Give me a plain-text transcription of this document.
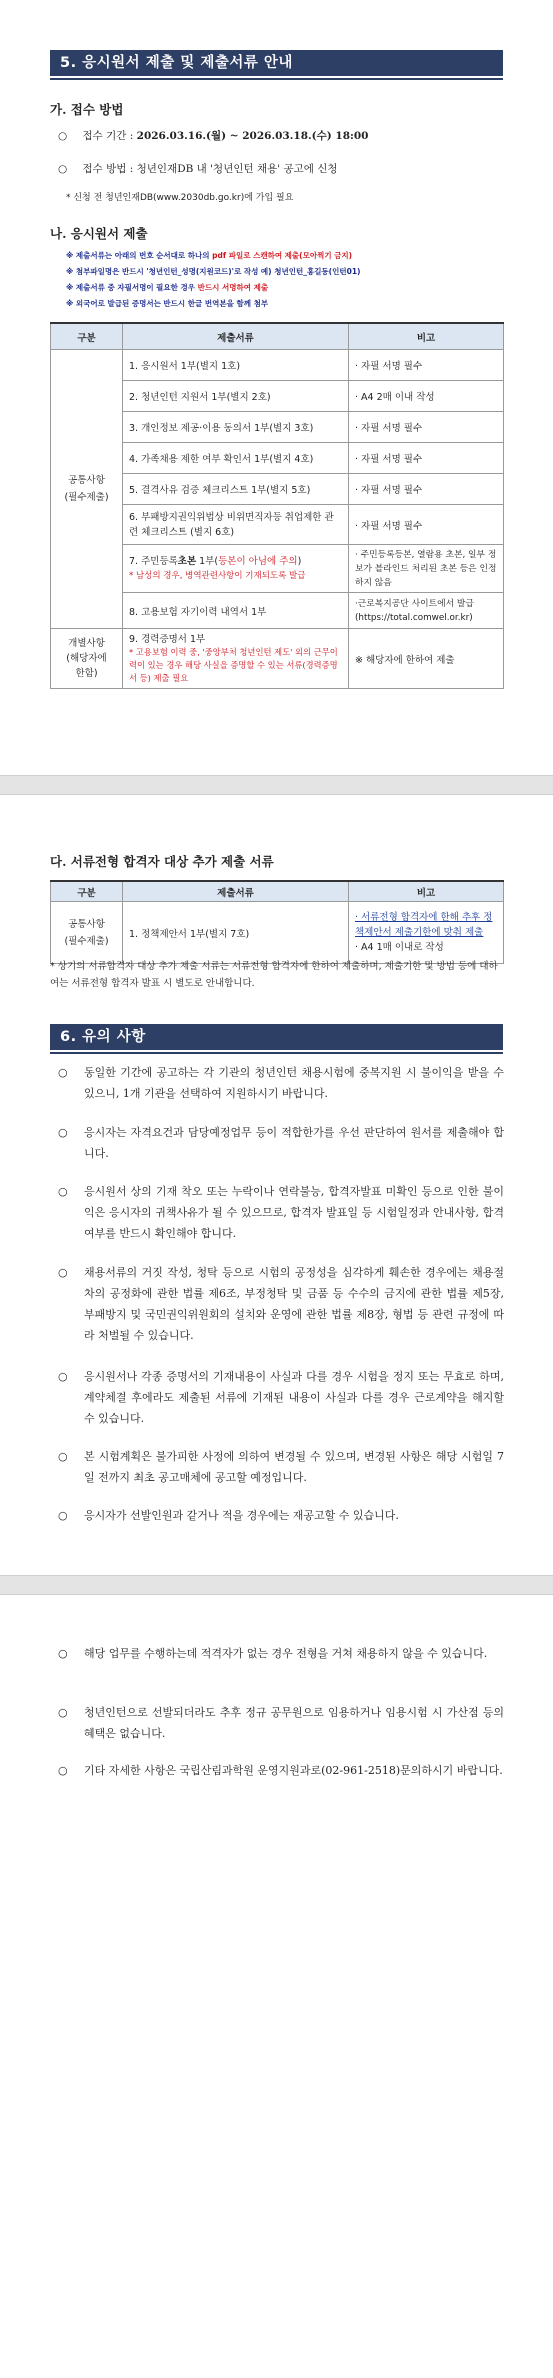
5. 응시원서 제출 및 제출서류 안내
가. 접수 방법
○ 접수 기간 : 2026.03.16.(월) ~ 2026.03.18.(수) 18:00
○ 접수 방법 : 청년인재DB 내 '청년인턴 채용' 공고에 신청
* 신청 전 청년인재DB(www.2030db.go.kr)에 가입 필요
나. 응시원서 제출
※ 제출서류는 아래의 번호 순서대로 하나의 pdf 파일로 스캔하여 제출(모아찍기 금지)
※ 첨부파일명은 반드시 '청년인턴_성명(지원코드)'로 작성 예) 청년인턴_홍길동(인턴01)
※ 제출서류 중 자필서명이 필요한 경우 반드시 서명하여 제출
※ 외국어로 발급된 증명서는 반드시 한글 번역본을 함께 첨부
구분	제출서류	비고
공통사항
(필수제출)	1. 응시원서 1부(별지 1호)	· 자필 서명 필수
	2. 청년인턴 지원서 1부(별지 2호)	· A4 2매 이내 작성
	3. 개인정보 제공·이용 동의서 1부(별지 3호)	· 자필 서명 필수
	4. 가족채용 제한 여부 확인서 1부(별지 4호)	· 자필 서명 필수
	5. 결격사유 검증 체크리스트 1부(별지 5호)	· 자필 서명 필수
	6. 부패방지권익위법상 비위면직자등 취업제한 관련 체크리스트 (별지 6호)	· 자필 서명 필수
	7. 주민등록초본 1부(등본이 아님에 주의)
* 남성의 경우, 병역관련사항이 기재되도록 발급	· 주민등록등본, 열람용 초본, 일부 정보가 블라인드 처리된 초본 등은 인정하지 않음
	8. 고용보험 자기이력 내역서 1부	·근로복지공단 사이트에서 발급 (https://total.comwel.or.kr)
개별사항
(해당자에
한함)	9. 경력증명서 1부
* 고용보험 이력 중, '중앙부처 청년인턴 제도' 외의 근무이력이 있는 경우 해당 사실을 증명할 수 있는 서류(경력증명서 등) 제출 필요	※ 해당자에 한하여 제출
다. 서류전형 합격자 대상 추가 제출 서류
구분	제출서류	비고
공통사항
(필수제출)	1. 정책제안서 1부(별지 7호)	· 서류전형 합격자에 한해 추후 정책제안서 제출기한에 맞춰 제출
· A4 1매 이내로 작성
* 상기의 서류합격자 대상 추가 제출 서류는 서류전형 합격자에 한하여 제출하며, 제출기한 및 방법 등에 대하여는 서류전형 합격자 발표 시 별도로 안내합니다.
6. 유의 사항
○ 동일한 기간에 공고하는 각 기관의 청년인턴 채용시험에 중복지원 시 불이익을 받을 수 있으니, 1개 기관을 선택하여 지원하시기 바랍니다.
○ 응시자는 자격요건과 담당예정업무 등이 적합한가를 우선 판단하여 원서를 제출해야 합니다.
○ 응시원서 상의 기재 착오 또는 누락이나 연락불능, 합격자발표 미확인 등으로 인한 불이익은 응시자의 귀책사유가 될 수 있으므로, 합격자 발표일 등 시험일정과 안내사항, 합격여부를 반드시 확인해야 합니다.
○ 채용서류의 거짓 작성, 청탁 등으로 시험의 공정성을 심각하게 훼손한 경우에는 채용절차의 공정화에 관한 법률 제6조, 부정청탁 및 금품 등 수수의 금지에 관한 법률 제5장, 부패방지 및 국민권익위원회의 설치와 운영에 관한 법률 제8장, 형법 등 관련 규정에 따라 처벌될 수 있습니다.
○ 응시원서나 각종 증명서의 기재내용이 사실과 다를 경우 시험을 정지 또는 무효로 하며, 계약체결 후에라도 제출된 서류에 기재된 내용이 사실과 다를 경우 근로계약을 해지할 수 있습니다.
○ 본 시험계획은 불가피한 사정에 의하여 변경될 수 있으며, 변경된 사항은 해당 시험일 7일 전까지 최초 공고매체에 공고할 예정입니다.
○ 응시자가 선발인원과 같거나 적을 경우에는 재공고할 수 있습니다.
○ 해당 업무를 수행하는데 적격자가 없는 경우 전형을 거쳐 채용하지 않을 수 있습니다.
○ 청년인턴으로 선발되더라도 추후 정규 공무원으로 임용하거나 임용시험 시 가산점 등의 혜택은 없습니다.
○ 기타 자세한 사항은 국립산림과학원 운영지원과로(02-961-2518)문의하시기 바랍니다.
